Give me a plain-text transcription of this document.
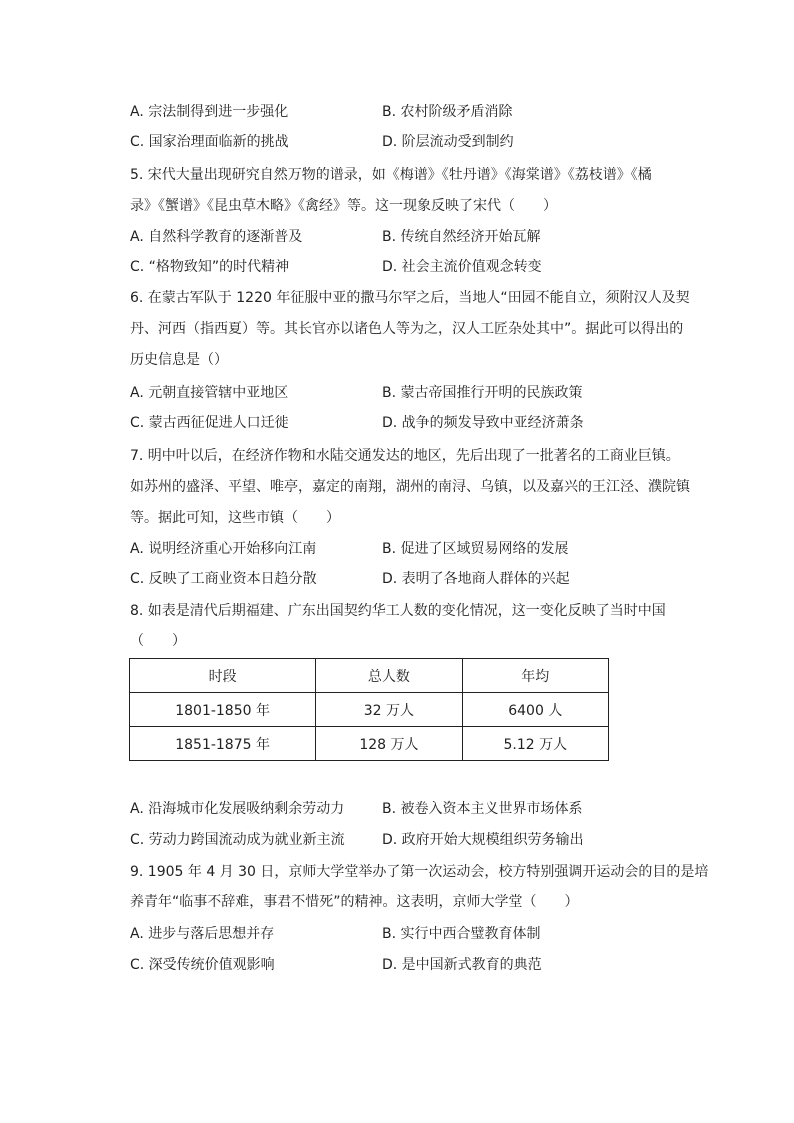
A. 宗法制得到进一步强化	B. 农村阶级矛盾消除
C. 国家治理面临新的挑战	D. 阶层流动受到制约
5. 宋代大量出现研究自然万物的谱录，如《梅谱》《牡丹谱》《海棠谱》《荔枝谱》《橘
录》《蟹谱》《昆虫草木略》《禽经》等。这一现象反映了宋代（　　）
A. 自然科学教育的逐渐普及	B. 传统自然经济开始瓦解
C. “格物致知”的时代精神	D. 社会主流价值观念转变
6. 在蒙古军队于 1220 年征服中亚的撒马尔罕之后，当地人“田园不能自立，须附汉人及契
丹、河西（指西夏）等。其长官亦以诸色人等为之，汉人工匠杂处其中”。据此可以得出的
历史信息是（）
A. 元朝直接管辖中亚地区	B. 蒙古帝国推行开明的民族政策
C. 蒙古西征促进人口迁徙	D. 战争的频发导致中亚经济萧条
7. 明中叶以后，在经济作物和水陆交通发达的地区，先后出现了一批著名的工商业巨镇。
如苏州的盛泽、平望、唯亭，嘉定的南翔，湖州的南浔、乌镇，以及嘉兴的王江泾、濮院镇
等。据此可知，这些市镇（　　）
A. 说明经济重心开始移向江南	B. 促进了区域贸易网络的发展
C. 反映了工商业资本日趋分散	D. 表明了各地商人群体的兴起
8. 如表是清代后期福建、广东出国契约华工人数的变化情况，这一变化反映了当时中国
（　　）
时段	总人数	年均
1801-1850 年	32 万人	6400 人
1851-1875 年	128 万人	5.12 万人
A. 沿海城市化发展吸纳剩余劳动力	B. 被卷入资本主义世界市场体系
C. 劳动力跨国流动成为就业新主流	D. 政府开始大规模组织劳务输出
9. 1905 年 4 月 30 日，京师大学堂举办了第一次运动会，校方特别强调开运动会的目的是培
养青年“临事不辞难，事君不惜死”的精神。这表明，京师大学堂（　　）
A. 进步与落后思想并存	B. 实行中西合璧教育体制
C. 深受传统价值观影响	D. 是中国新式教育的典范
